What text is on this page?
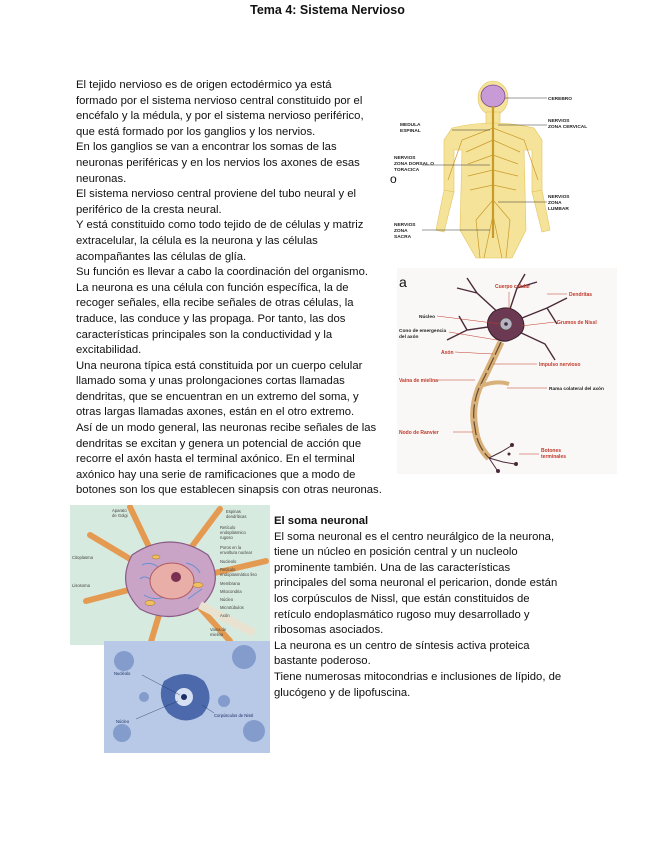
Tema 4: Sistema Nervioso
El tejido nervioso es de origen ectodérmico ya está
formado por el sistema nervioso central constituido por el
encéfalo y la médula, y por el sistema nervioso periférico,
que está formado por los ganglios y los nervios.
En los ganglios se van a encontrar los somas de las
neuronas periféricas y en los nervios los axones de esas
neuronas.
El sistema nervioso central proviene del tubo neural y el
periférico de la cresta neural.
Y está constituido como todo tejido de de células y matriz
extracelular, la célula es la neurona y las células
acompañantes las células de glía.
Su función es llevar a cabo la coordinación del organismo.
La neurona es una célula con función específica, la de
recoger señales, ella recibe señales de otras células, la
traduce, las conduce y las propaga. Por tanto, las dos
características principales son la conductividad y la
excitabilidad.
Una neurona típica está constituida por un cuerpo celular
llamado soma y unas prolongaciones cortas llamadas
dendritas, que se encuentran en un extremo del soma, y
otras largas llamadas axones, están en el otro extremo.
Así de un modo general, las neuronas recibe señales de las
dendritas se excitan y genera un potencial de acción que
recorre el axón hasta el terminal axónico. En el terminal
axónico hay una serie de ramificaciones que a modo de
botones son los que establecen sinapsis con otras neuronas.
CEREBRO
MEDULA
ESPINAL
NERVIOS
ZONA CERVICAL
NERVIOS
ZONA DORSAL O
TORACICA
NERVIOS
ZONA
LUMBAR
NERVIOS
ZONA
SACRA
o
Cuerpo celular
Dendritas
Núcleo
Grumos de Nissl
Cono de emergencia
del axón
Axón
Impulso nervioso
Vaina de mielina
Rama colateral del axón
Nodo de Ranvier
Botones
terminales
a
El soma neuronal
El soma neuronal es el centro neurálgico de la neurona,
tiene un núcleo en posición central y un nucleolo
prominente también. Una de las características
principales del soma neuronal el pericarion, donde están
los corpúsculos de Nissl, que están constituidos de
retículo endoplasmático rugoso muy desarrollado y
ribosomas asociados.
La neurona es un centro de síntesis activa proteica
bastante poderoso.
Tiene numerosas mitocondrias e inclusiones de lípido, de
glucógeno y de lipofuscina.
Aparato
de Golgi
Espinas
dendríticas
Retículo
endoplásmico
rugoso
Citoplasma
Poros en la
envoltura nuclear
Nucleolo
Retículo
endoplasmático liso
Lisosoma	Membrana
Mitocondria
Núcleo
Microtúbulos
Axón
Vaina de
mielina
Nucléolo
Corpúsculos de Nissl
Núcleo
